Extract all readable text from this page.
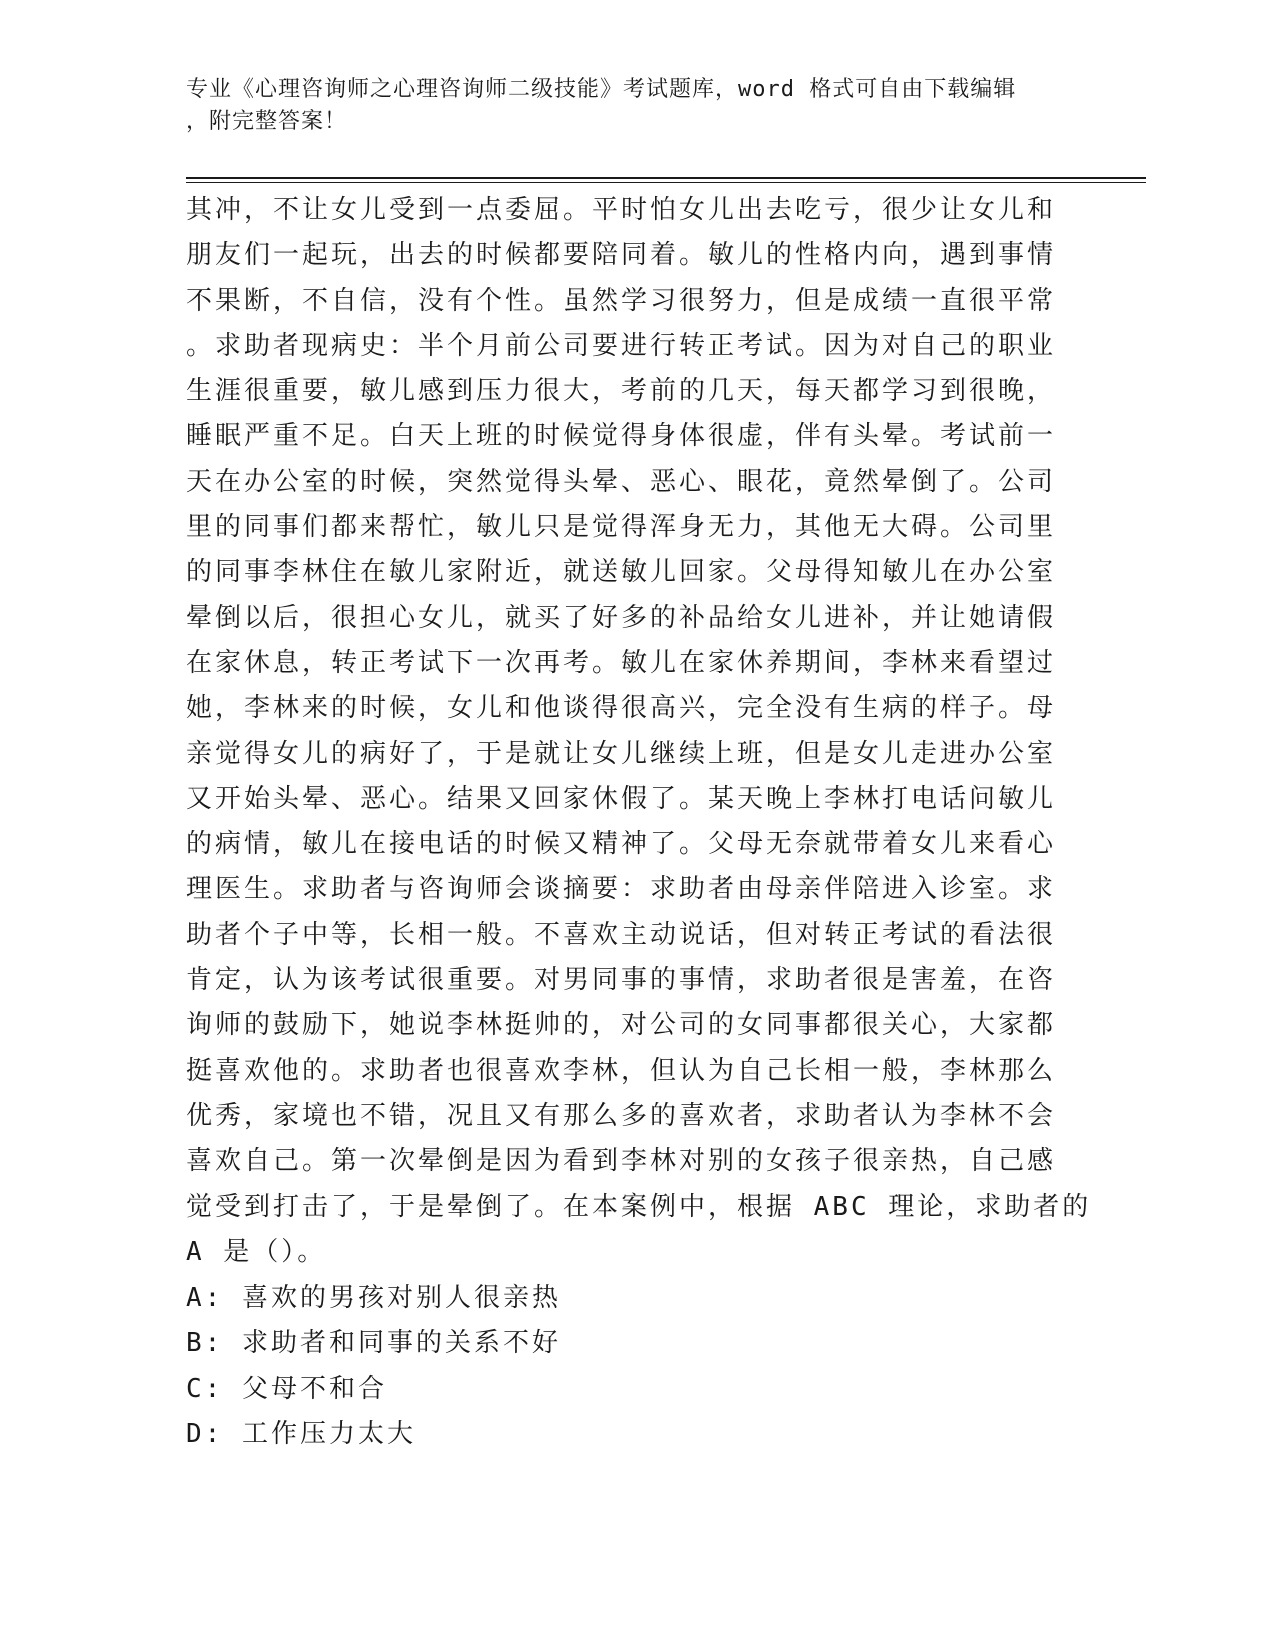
专业《心理咨询师之心理咨询师二级技能》考试题库，word 格式可自由下载编辑
，附完整答案！
其冲，不让女儿受到一点委屈。平时怕女儿出去吃亏，很少让女儿和
朋友们一起玩，出去的时候都要陪同着。敏儿的性格内向，遇到事情
不果断，不自信，没有个性。虽然学习很努力，但是成绩一直很平常
。求助者现病史：半个月前公司要进行转正考试。因为对自己的职业
生涯很重要，敏儿感到压力很大，考前的几天，每天都学习到很晚，
睡眠严重不足。白天上班的时候觉得身体很虚，伴有头晕。考试前一
天在办公室的时候，突然觉得头晕、恶心、眼花，竟然晕倒了。公司
里的同事们都来帮忙，敏儿只是觉得浑身无力，其他无大碍。公司里
的同事李林住在敏儿家附近，就送敏儿回家。父母得知敏儿在办公室
晕倒以后，很担心女儿，就买了好多的补品给女儿进补，并让她请假
在家休息，转正考试下一次再考。敏儿在家休养期间，李林来看望过
她，李林来的时候，女儿和他谈得很高兴，完全没有生病的样子。母
亲觉得女儿的病好了，于是就让女儿继续上班，但是女儿走进办公室
又开始头晕、恶心。结果又回家休假了。某天晚上李林打电话问敏儿
的病情，敏儿在接电话的时候又精神了。父母无奈就带着女儿来看心
理医生。求助者与咨询师会谈摘要：求助者由母亲伴陪进入诊室。求
助者个子中等，长相一般。不喜欢主动说话，但对转正考试的看法很
肯定，认为该考试很重要。对男同事的事情，求助者很是害羞，在咨
询师的鼓励下，她说李林挺帅的，对公司的女同事都很关心，大家都
挺喜欢他的。求助者也很喜欢李林，但认为自己长相一般，李林那么
优秀，家境也不错，况且又有那么多的喜欢者，求助者认为李林不会
喜欢自己。第一次晕倒是因为看到李林对别的女孩子很亲热，自己感
觉受到打击了，于是晕倒了。在本案例中，根据 ABC 理论，求助者的
A 是（）。
A: 喜欢的男孩对别人很亲热
B: 求助者和同事的关系不好
C: 父母不和合
D: 工作压力太大
